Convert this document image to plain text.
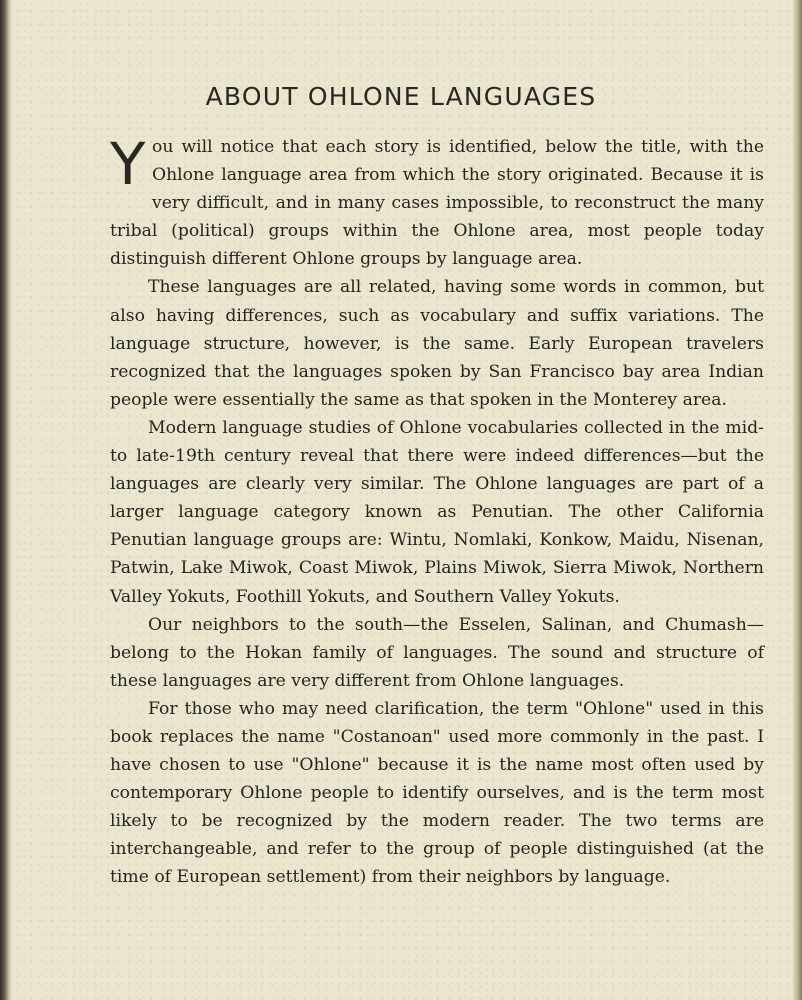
ABOUT OHLONE LANGUAGES

Y ou will notice that each story is identified, below the title, with the Ohlone language area from which the story originated. Because it is very difficult, and in many cases impossible, to reconstruct the many tribal (political) groups within the Ohlone area, most people today distinguish different Ohlone groups by language area.

These languages are all related, having some words in common, but also having differences, such as vocabulary and suffix variations. The language structure, however, is the same. Early European travelers recognized that the languages spoken by San Francisco bay area Indian people were essentially the same as that spoken in the Monterey area.

Modern language studies of Ohlone vocabularies collected in the mid- to late-19th century reveal that there were indeed differences—but the languages are clearly very similar. The Ohlone languages are part of a larger language category known as Penutian. The other California Penutian language groups are: Wintu, Nomlaki, Konkow, Maidu, Nisenan, Patwin, Lake Miwok, Coast Miwok, Plains Miwok, Sierra Miwok, Northern Valley Yokuts, Foothill Yokuts, and Southern Valley Yokuts.

Our neighbors to the south—the Esselen, Salinan, and Chumash—belong to the Hokan family of languages. The sound and structure of these languages are very different from Ohlone languages.

For those who may need clarification, the term "Ohlone" used in this book replaces the name "Costanoan" used more commonly in the past. I have chosen to use "Ohlone" because it is the name most often used by contemporary Ohlone people to identify ourselves, and is the term most likely to be recognized by the modern reader. The two terms are interchangeable, and refer to the group of people distinguished (at the time of European settlement) from their neighbors by language.
